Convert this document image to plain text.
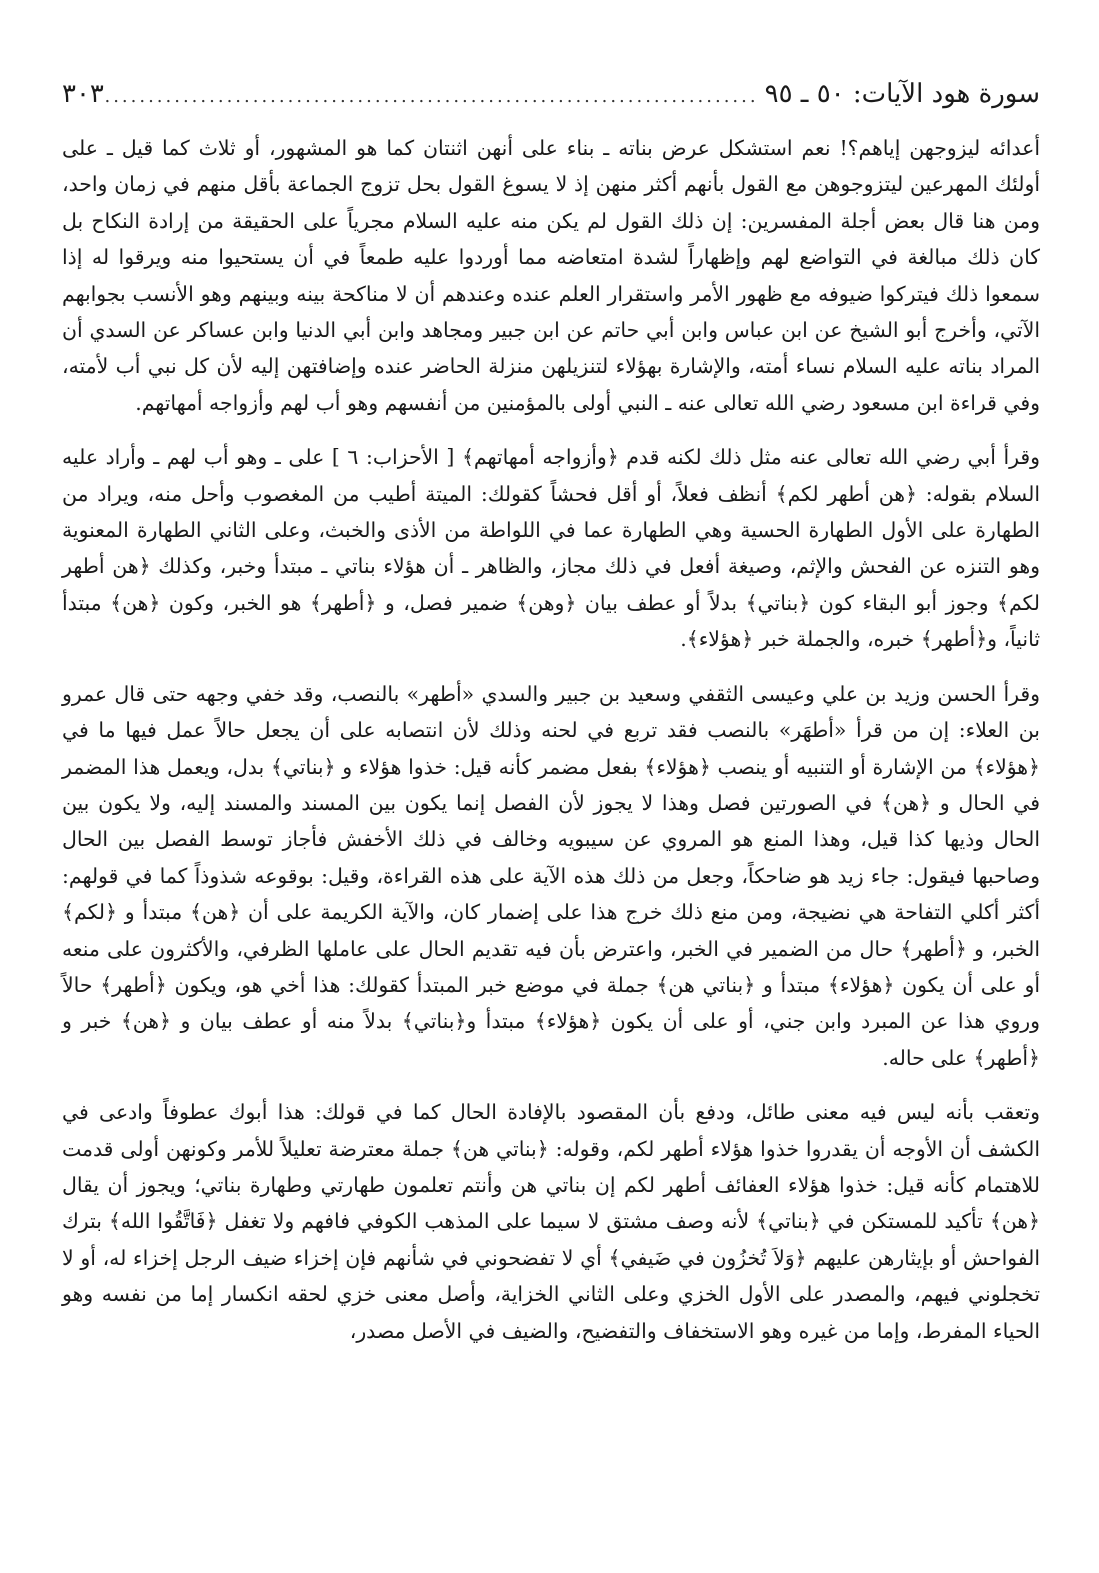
سورة هود الآيات: ٥٠ ـ ٩٥
.....
٣٠٣

أعدائه ليزوجهن إياهم؟! نعم استشكل عرض بناته ـ بناء على أنهن اثنتان كما هو المشهور، أو ثلاث كما قيل ـ على أولئك المهرعين ليتزوجوهن مع القول بأنهم أكثر منهن إذ لا يسوغ القول بحل تزوج الجماعة بأقل منهم في زمان واحد، ومن هنا قال بعض أجلة المفسرين: إن ذلك القول لم يكن منه عليه السلام مجرياً على الحقيقة من إرادة النكاح بل كان ذلك مبالغة في التواضع لهم وإظهاراً لشدة امتعاضه مما أوردوا عليه طمعاً في أن يستحيوا منه ويرقوا له إذا سمعوا ذلك فيتركوا ضيوفه مع ظهور الأمر واستقرار العلم عنده وعندهم أن لا مناكحة بينه وبينهم وهو الأنسب بجوابهم الآتي، وأخرج أبو الشيخ عن ابن عباس وابن أبي حاتم عن ابن جبير ومجاهد وابن أبي الدنيا وابن عساكر عن السدي أن المراد بناته عليه السلام نساء أمته، والإشارة بهؤلاء لتنزيلهن منزلة الحاضر عنده وإضافتهن إليه لأن كل نبي أب لأمته، وفي قراءة ابن مسعود رضي الله تعالى عنه ـ النبي أولى بالمؤمنين من أنفسهم وهو أب لهم وأزواجه أمهاتهم.

وقرأ أبي رضي الله تعالى عنه مثل ذلك لكنه قدم ﴿وأزواجه أمهاتهم﴾ [ الأحزاب: ٦ ] على ـ وهو أب لهم ـ وأراد عليه السلام بقوله: ﴿هن أطهر لكم﴾ أنظف فعلاً، أو أقل فحشاً كقولك: الميتة أطيب من المغصوب وأحل منه، ويراد من الطهارة على الأول الطهارة الحسية وهي الطهارة عما في اللواطة من الأذى والخبث، وعلى الثاني الطهارة المعنوية وهو التنزه عن الفحش والإثم، وصيغة أفعل في ذلك مجاز، والظاهر ـ أن هؤلاء بناتي ـ مبتدأ وخبر، وكذلك ﴿هن أطهر لكم﴾ وجوز أبو البقاء كون ﴿بناتي﴾ بدلاً أو عطف بيان ﴿وهن﴾ ضمير فصل، و ﴿أطهر﴾ هو الخبر، وكون ﴿هن﴾ مبتدأ ثانياً، و﴿أطهر﴾ خبره، والجملة خبر ﴿هؤلاء﴾.

وقرأ الحسن وزيد بن علي وعيسى الثقفي وسعيد بن جبير والسدي «أطهر» بالنصب، وقد خفي وجهه حتى قال عمرو بن العلاء: إن من قرأ «أطهَر» بالنصب فقد تربع في لحنه وذلك لأن انتصابه على أن يجعل حالاً عمل فيها ما في ﴿هؤلاء﴾ من الإشارة أو التنبيه أو ينصب ﴿هؤلاء﴾ بفعل مضمر كأنه قيل: خذوا هؤلاء و ﴿بناتي﴾ بدل، ويعمل هذا المضمر في الحال و ﴿هن﴾ في الصورتين فصل وهذا لا يجوز لأن الفصل إنما يكون بين المسند والمسند إليه، ولا يكون بين الحال وذيها كذا قيل، وهذا المنع هو المروي عن سيبويه وخالف في ذلك الأخفش فأجاز توسط الفصل بين الحال وصاحبها فيقول: جاء زيد هو ضاحكاً، وجعل من ذلك هذه الآية على هذه القراءة، وقيل: بوقوعه شذوذاً كما في قولهم: أكثر أكلي التفاحة هي نضيجة، ومن منع ذلك خرج هذا على إضمار كان، والآية الكريمة على أن ﴿هن﴾ مبتدأ و ﴿لكم﴾ الخبر، و ﴿أطهر﴾ حال من الضمير في الخبر، واعترض بأن فيه تقديم الحال على عاملها الظرفي، والأكثرون على منعه أو على أن يكون ﴿هؤلاء﴾ مبتدأ و ﴿بناتي هن﴾ جملة في موضع خبر المبتدأ كقولك: هذا أخي هو، ويكون ﴿أطهر﴾ حالاً وروي هذا عن المبرد وابن جني، أو على أن يكون ﴿هؤلاء﴾ مبتدأ و﴿بناتي﴾ بدلاً منه أو عطف بيان و ﴿هن﴾ خبر و ﴿أطهر﴾ على حاله.

وتعقب بأنه ليس فيه معنى طائل، ودفع بأن المقصود بالإفادة الحال كما في قولك: هذا أبوك عطوفاً وادعى في الكشف أن الأوجه أن يقدروا خذوا هؤلاء أطهر لكم، وقوله: ﴿بناتي هن﴾ جملة معترضة تعليلاً للأمر وكونهن أولى قدمت للاهتمام كأنه قيل: خذوا هؤلاء العفائف أطهر لكم إن بناتي هن وأنتم تعلمون طهارتي وطهارة بناتي؛ ويجوز أن يقال ﴿هن﴾ تأكيد للمستكن في ﴿بناتي﴾ لأنه وصف مشتق لا سيما على المذهب الكوفي فافهم ولا تغفل ﴿فَاتَّقُوا الله﴾ بترك الفواحش أو بإيثارهن عليهم ﴿وَلاَ تُخزُون في ضَيفي﴾ أي لا تفضحوني في شأنهم فإن إخزاء ضيف الرجل إخزاء له، أو لا تخجلوني فيهم، والمصدر على الأول الخزي وعلى الثاني الخزاية، وأصل معنى خزي لحقه انكسار إما من نفسه وهو الحياء المفرط، وإما من غيره وهو الاستخفاف والتفضيح، والضيف في الأصل مصدر،
